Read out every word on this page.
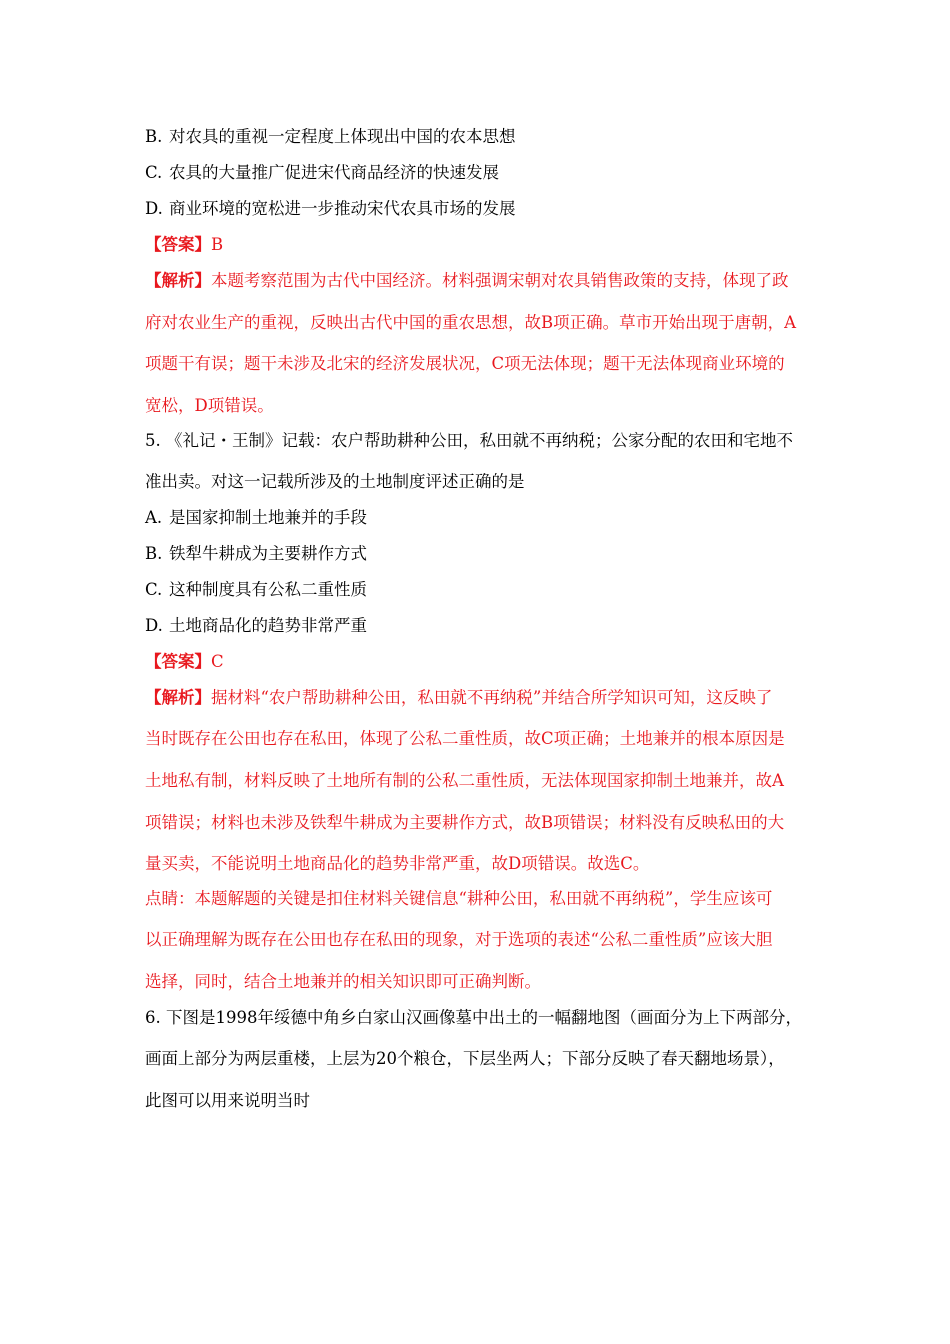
B. 对农具的重视一定程度上体现出中国的农本思想
C. 农具的大量推广促进宋代商品经济的快速发展
D. 商业环境的宽松进一步推动宋代农具市场的发展
【答案】B
【解析】本题考察范围为古代中国经济。材料强调宋朝对农具销售政策的支持，体现了政
府对农业生产的重视，反映出古代中国的重农思想，故B项正确。草市开始出现于唐朝，A
项题干有误；题干未涉及北宋的经济发展状况，C项无法体现；题干无法体现商业环境的
宽松，D项错误。
5. 《礼记・王制》记载：农户帮助耕种公田，私田就不再纳税；公家分配的农田和宅地不
准出卖。对这一记载所涉及的土地制度评述正确的是
A. 是国家抑制土地兼并的手段
B. 铁犁牛耕成为主要耕作方式
C. 这种制度具有公私二重性质
D. 土地商品化的趋势非常严重
【答案】C
【解析】据材料“农户帮助耕种公田，私田就不再纳税”并结合所学知识可知，这反映了
当时既存在公田也存在私田，体现了公私二重性质，故C项正确；土地兼并的根本原因是
土地私有制，材料反映了土地所有制的公私二重性质，无法体现国家抑制土地兼并，故A
项错误；材料也未涉及铁犁牛耕成为主要耕作方式，故B项错误；材料没有反映私田的大
量买卖，不能说明土地商品化的趋势非常严重，故D项错误。故选C。
点睛：本题解题的关键是扣住材料关键信息“耕种公田，私田就不再纳税”，学生应该可
以正确理解为既存在公田也存在私田的现象，对于选项的表述“公私二重性质”应该大胆
选择，同时，结合土地兼并的相关知识即可正确判断。
6. 下图是1998年绥德中角乡白家山汉画像墓中出土的一幅翻地图（画面分为上下两部分，
画面上部分为两层重楼，上层为20个粮仓，下层坐两人；下部分反映了春天翻地场景），
此图可以用来说明当时
